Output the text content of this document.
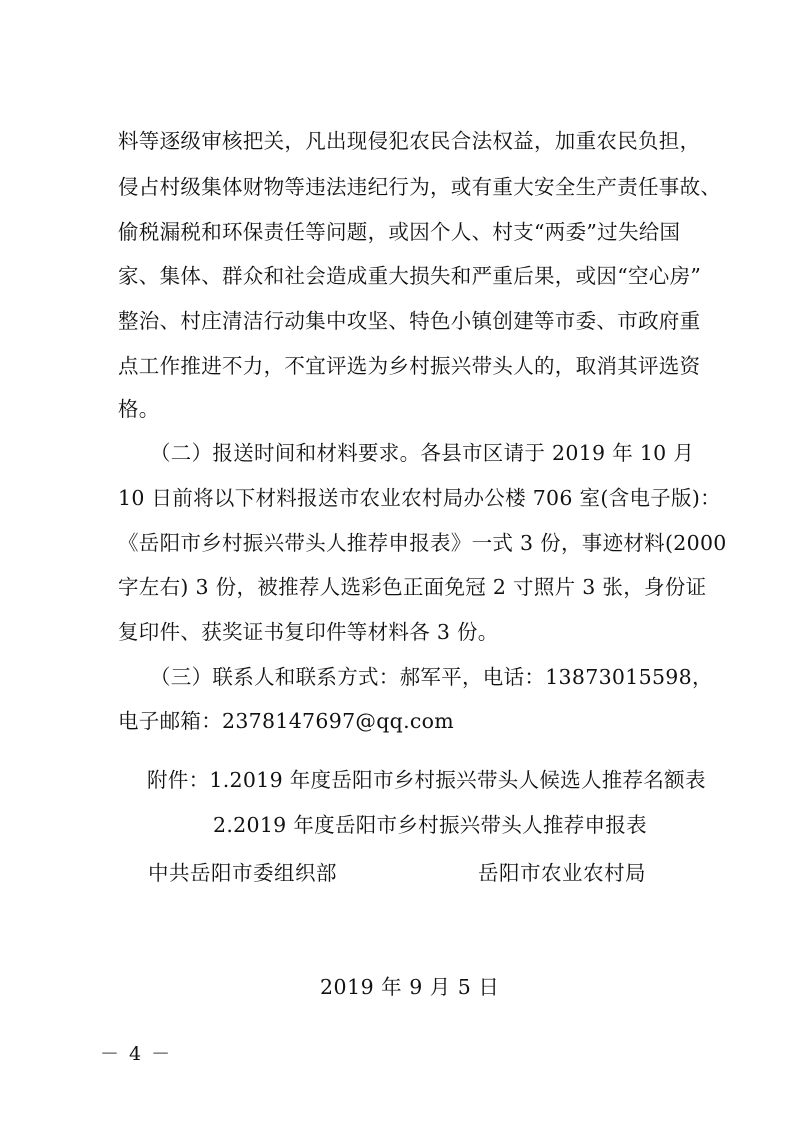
料等逐级审核把关，凡出现侵犯农民合法权益，加重农民负担，
侵占村级集体财物等违法违纪行为，或有重大安全生产责任事故、
偷税漏税和环保责任等问题，或因个人、村支“两委”过失给国
家、集体、群众和社会造成重大损失和严重后果，或因“空心房”
整治、村庄清洁行动集中攻坚、特色小镇创建等市委、市政府重
点工作推进不力，不宜评选为乡村振兴带头人的，取消其评选资
格。
（二）报送时间和材料要求。各县市区请于 2019 年 10 月
10 日前将以下材料报送市农业农村局办公楼 706 室(含电子版)：
《岳阳市乡村振兴带头人推荐申报表》一式 3 份，事迹材料(2000
字左右) 3 份，被推荐人选彩色正面免冠 2 寸照片 3 张，身份证
复印件、获奖证书复印件等材料各 3 份。
（三）联系人和联系方式：郝军平，电话：13873015598，
电子邮箱：2378147697@qq.com
附件：1.2019 年度岳阳市乡村振兴带头人候选人推荐名额表
2.2019 年度岳阳市乡村振兴带头人推荐申报表
中共岳阳市委组织部	岳阳市农业农村局
2019 年 9 月 5 日
－ 4 －
